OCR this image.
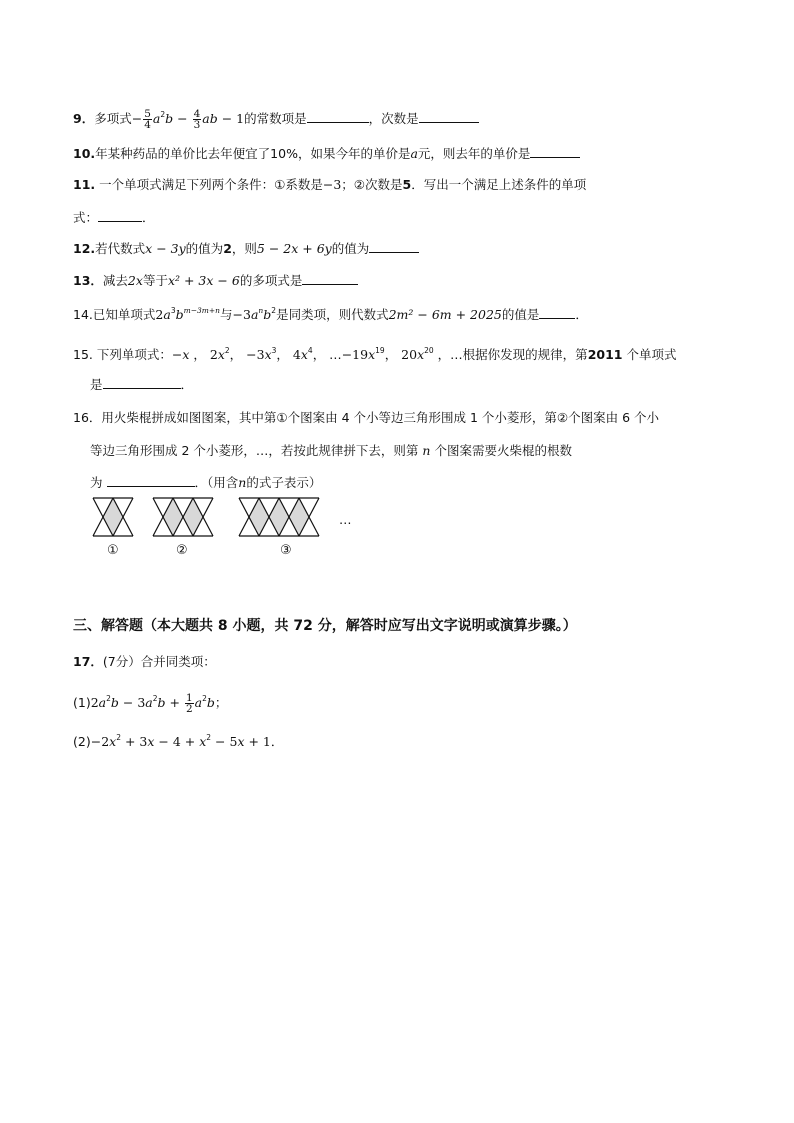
9．多项式− $\frac{5}{4} a^2b - \frac{4}{3}$ ab − 1的常数项是	，次数是
10.年某种药品的单价比去年便宜了10%，如果今年的单价是a元，则去年的单价是
11. 一个单项式满足下列两个条件：①系数是−3；②次数是5．写出一个满足上述条件的单项
式：	．
12.若代数式x − 3y的值为2，则5 − 2x + 6y的值为
13．减去2x等于x² + 3x − 6的多项式是
14.已知单项式$2a^3b^{m-3m+n}$与$-3a^nb^2$是同类项，则代数式2m² − 6m + 2025的值是	．
15. 下列单项式：−x ， $2x^2$， $-3x^3$， $4x^4$， $\dots-19x^{19}$， $20x^{20}$ ，…根据你发现的规律，第2011 个单项式
是	．
16．用火柴棍拼成如图图案，其中第①个图案由 4 个小等边三角形围成 1 个小菱形，第②个图案由 6 个小
等边三角形围成 2 个小菱形，…，若按此规律拼下去，则第 n 个图案需要火柴棍的根数
为	．（用含n的式子表示）
…
①	②	③
三、解答题（本大题共 8 小题，共 72 分，解答时应写出文字说明或演算步骤。）
17．(7分）合并同类项：
$(1)2a^2b - 3a^2b + \frac{1}{2} a^2b$；
$(2)-2x^2 + 3x - 4 + x^2 - 5x + 1$．
